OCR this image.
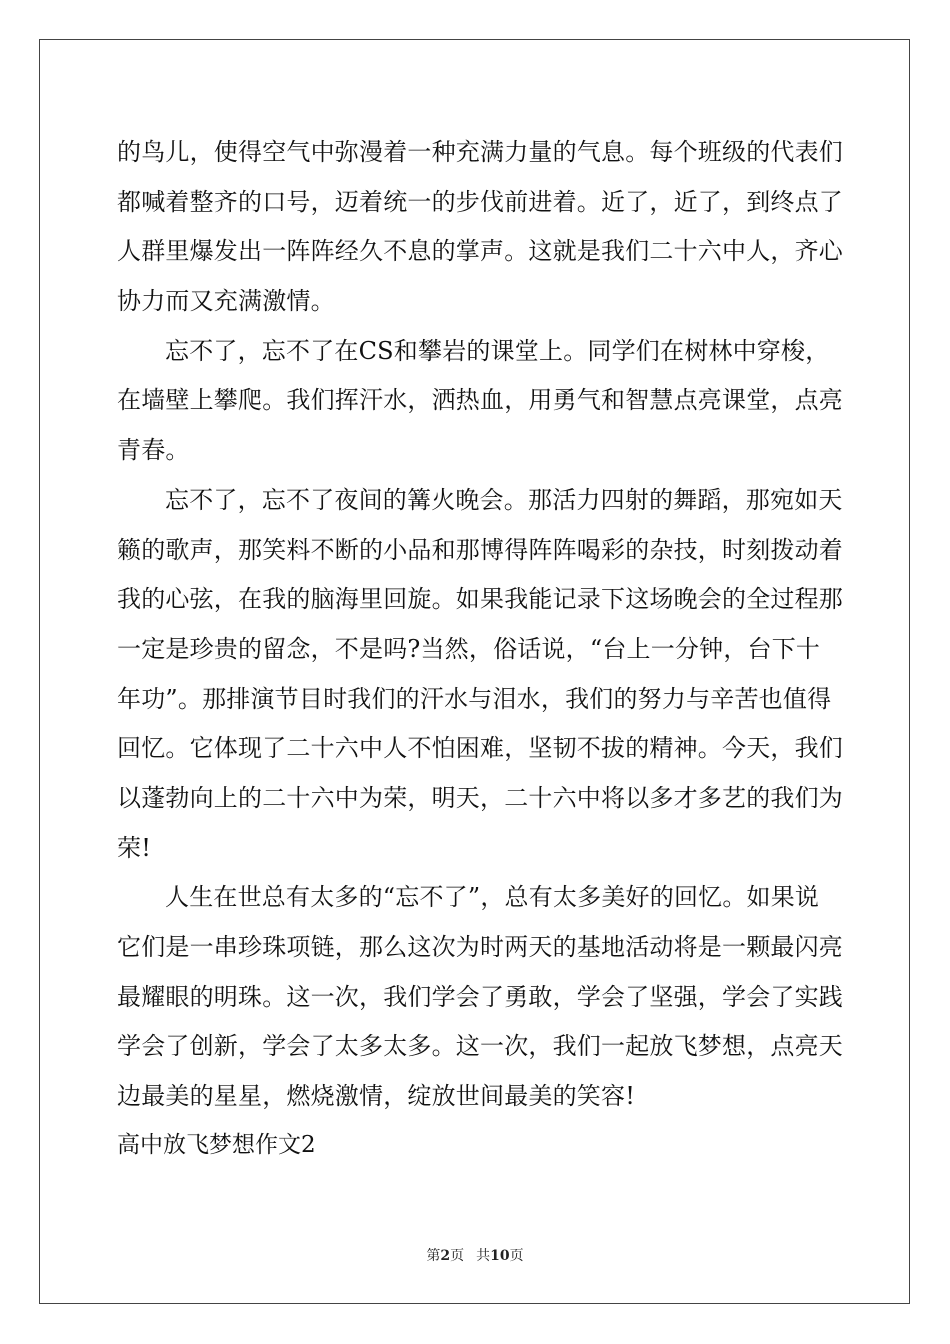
的鸟儿，使得空气中弥漫着一种充满力量的气息。每个班级的代表们
都喊着整齐的口号，迈着统一的步伐前进着。近了，近了，到终点了
人群里爆发出一阵阵经久不息的掌声。这就是我们二十六中人，齐心
协力而又充满激情。
忘不了，忘不了在CS和攀岩的课堂上。同学们在树林中穿梭，
在墙壁上攀爬。我们挥汗水，洒热血，用勇气和智慧点亮课堂，点亮
青春。
忘不了，忘不了夜间的篝火晚会。那活力四射的舞蹈，那宛如天
籁的歌声，那笑料不断的小品和那博得阵阵喝彩的杂技，时刻拨动着
我的心弦，在我的脑海里回旋。如果我能记录下这场晚会的全过程那
一定是珍贵的留念，不是吗?当然，俗话说，“台上一分钟，台下十
年功”。那排演节目时我们的汗水与泪水，我们的努力与辛苦也值得
回忆。它体现了二十六中人不怕困难，坚韧不拔的精神。今天，我们
以蓬勃向上的二十六中为荣，明天，二十六中将以多才多艺的我们为
荣!
人生在世总有太多的“忘不了”，总有太多美好的回忆。如果说
它们是一串珍珠项链，那么这次为时两天的基地活动将是一颗最闪亮
最耀眼的明珠。这一次，我们学会了勇敢，学会了坚强，学会了实践
学会了创新，学会了太多太多。这一次，我们一起放飞梦想，点亮天
边最美的星星，燃烧激情，绽放世间最美的笑容!
高中放飞梦想作文2
第2页 共10页
